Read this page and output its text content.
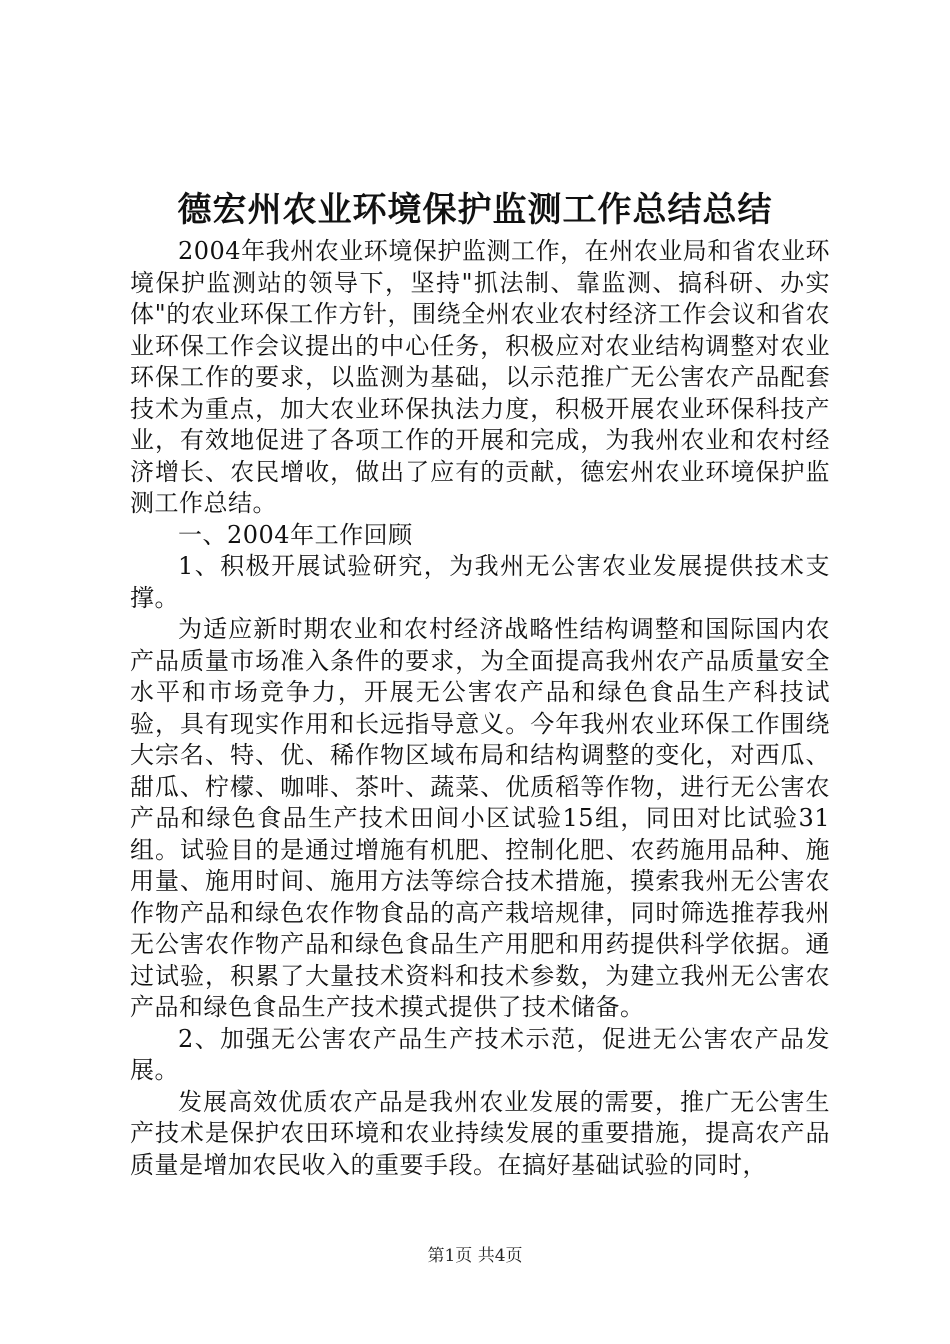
德宏州农业环境保护监测工作总结总结

2004年我州农业环境保护监测工作，在州农业局和省农业环境保护监测站的领导下，坚持"抓法制、靠监测、搞科研、办实体"的农业环保工作方针，围绕全州农业农村经济工作会议和省农业环保工作会议提出的中心任务，积极应对农业结构调整对农业环保工作的要求，以监测为基础，以示范推广无公害农产品配套技术为重点，加大农业环保执法力度，积极开展农业环保科技产业，有效地促进了各项工作的开展和完成，为我州农业和农村经济增长、农民增收，做出了应有的贡献，德宏州农业环境保护监测工作总结。

一、2004年工作回顾

1、积极开展试验研究，为我州无公害农业发展提供技术支撑。

为适应新时期农业和农村经济战略性结构调整和国际国内农产品质量市场准入条件的要求，为全面提高我州农产品质量安全水平和市场竞争力，开展无公害农产品和绿色食品生产科技试验，具有现实作用和长远指导意义。今年我州农业环保工作围绕大宗名、特、优、稀作物区域布局和结构调整的变化，对西瓜、甜瓜、柠檬、咖啡、茶叶、蔬菜、优质稻等作物，进行无公害农产品和绿色食品生产技术田间小区试验15组，同田对比试验31组。试验目的是通过增施有机肥、控制化肥、农药施用品种、施用量、施用时间、施用方法等综合技术措施，摸索我州无公害农作物产品和绿色农作物食品的高产栽培规律，同时筛选推荐我州无公害农作物产品和绿色食品生产用肥和用药提供科学依据。通过试验，积累了大量技术资料和技术参数，为建立我州无公害农产品和绿色食品生产技术摸式提供了技术储备。

2、加强无公害农产品生产技术示范，促进无公害农产品发展。

发展高效优质农产品是我州农业发展的需要，推广无公害生产技术是保护农田环境和农业持续发展的重要措施，提高农产品质量是增加农民收入的重要手段。在搞好基础试验的同时，

第1页 共4页
